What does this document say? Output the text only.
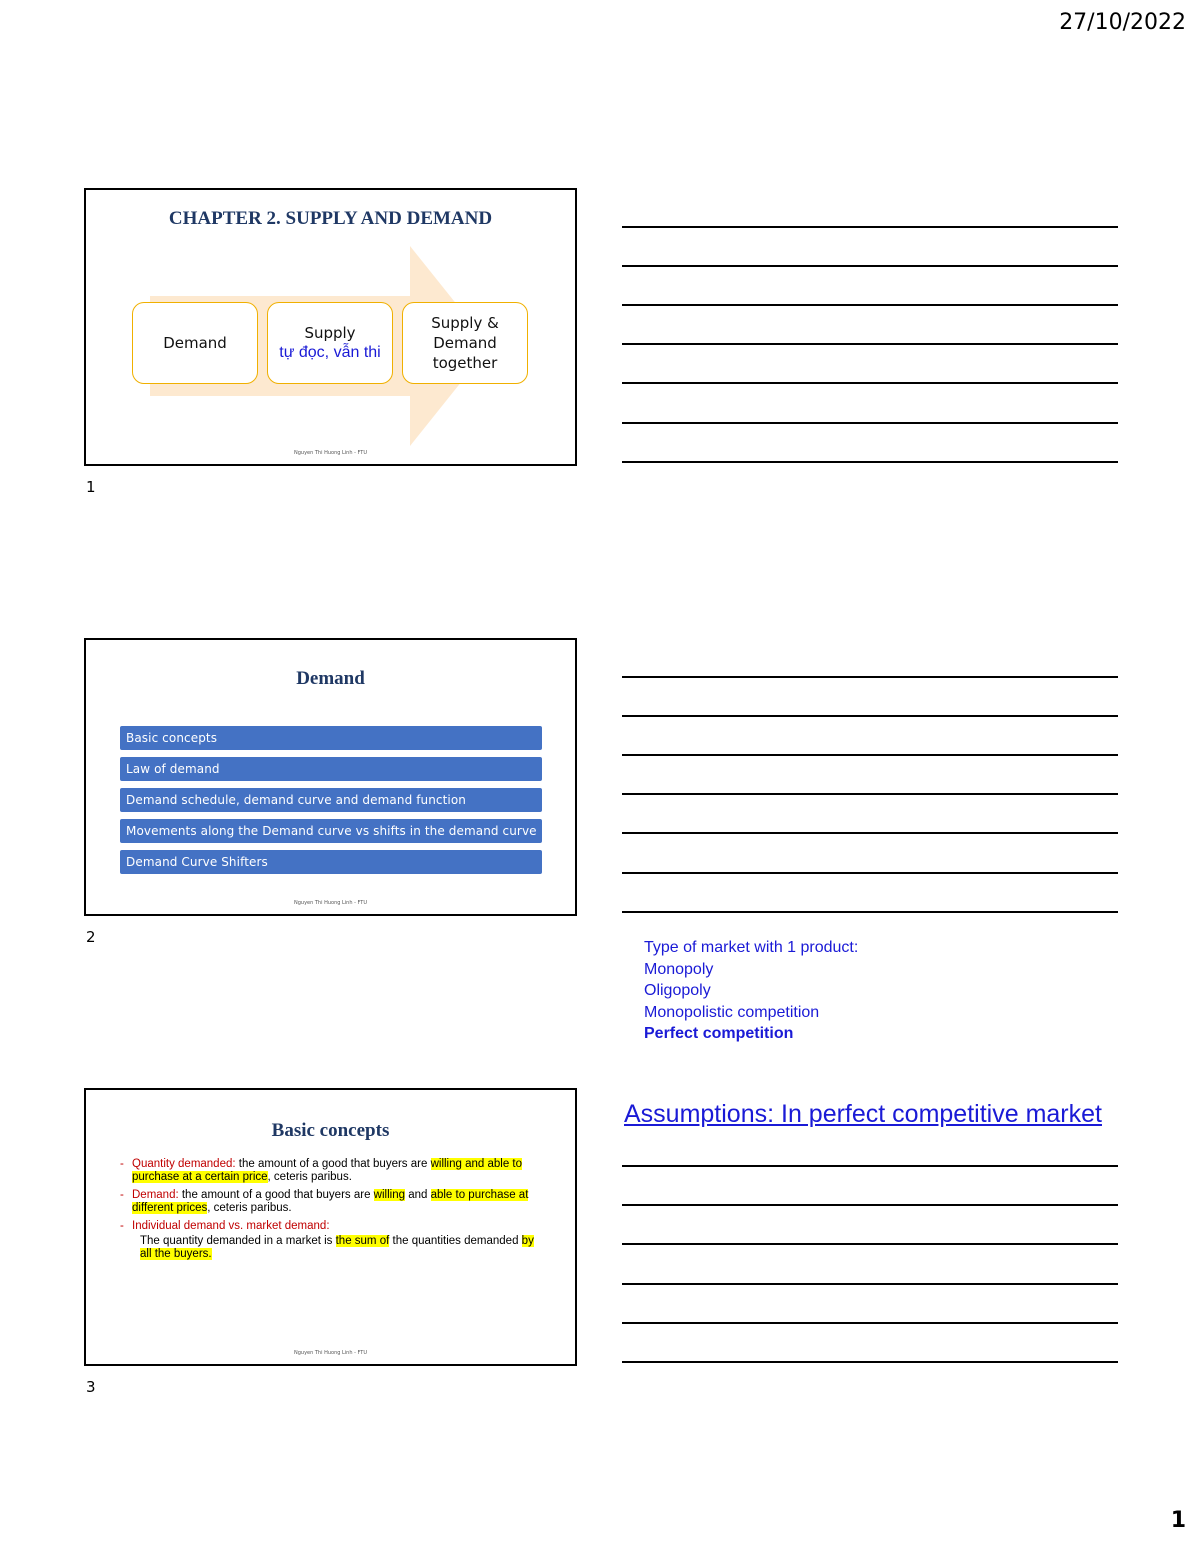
27/10/2022
CHAPTER 2. SUPPLY AND DEMAND
Demand
Supply
tự đọc, vẫn thi
Supply &
Demand
together
Nguyen Thi Huong Linh - FTU
1
Demand
Basic concepts
Law of demand
Demand schedule, demand curve and demand function
Movements along the Demand curve vs shifts in the demand curve
Demand Curve Shifters
Nguyen Thi Huong Linh - FTU
2
Basic concepts
- Quantity demanded: the amount of a good that buyers are willing and able to purchase at a certain price, ceteris paribus.
- Demand: the amount of a good that buyers are willing and able to purchase at different prices, ceteris paribus.
- Individual demand vs. market demand:
The quantity demanded in a market is the sum of the quantities demanded by all the buyers.
Nguyen Thi Huong Linh - FTU
3
Type of market with 1 product:
Monopoly
Oligopoly
Monopolistic competition
Perfect competition
Assumptions: In perfect competitive market
1
